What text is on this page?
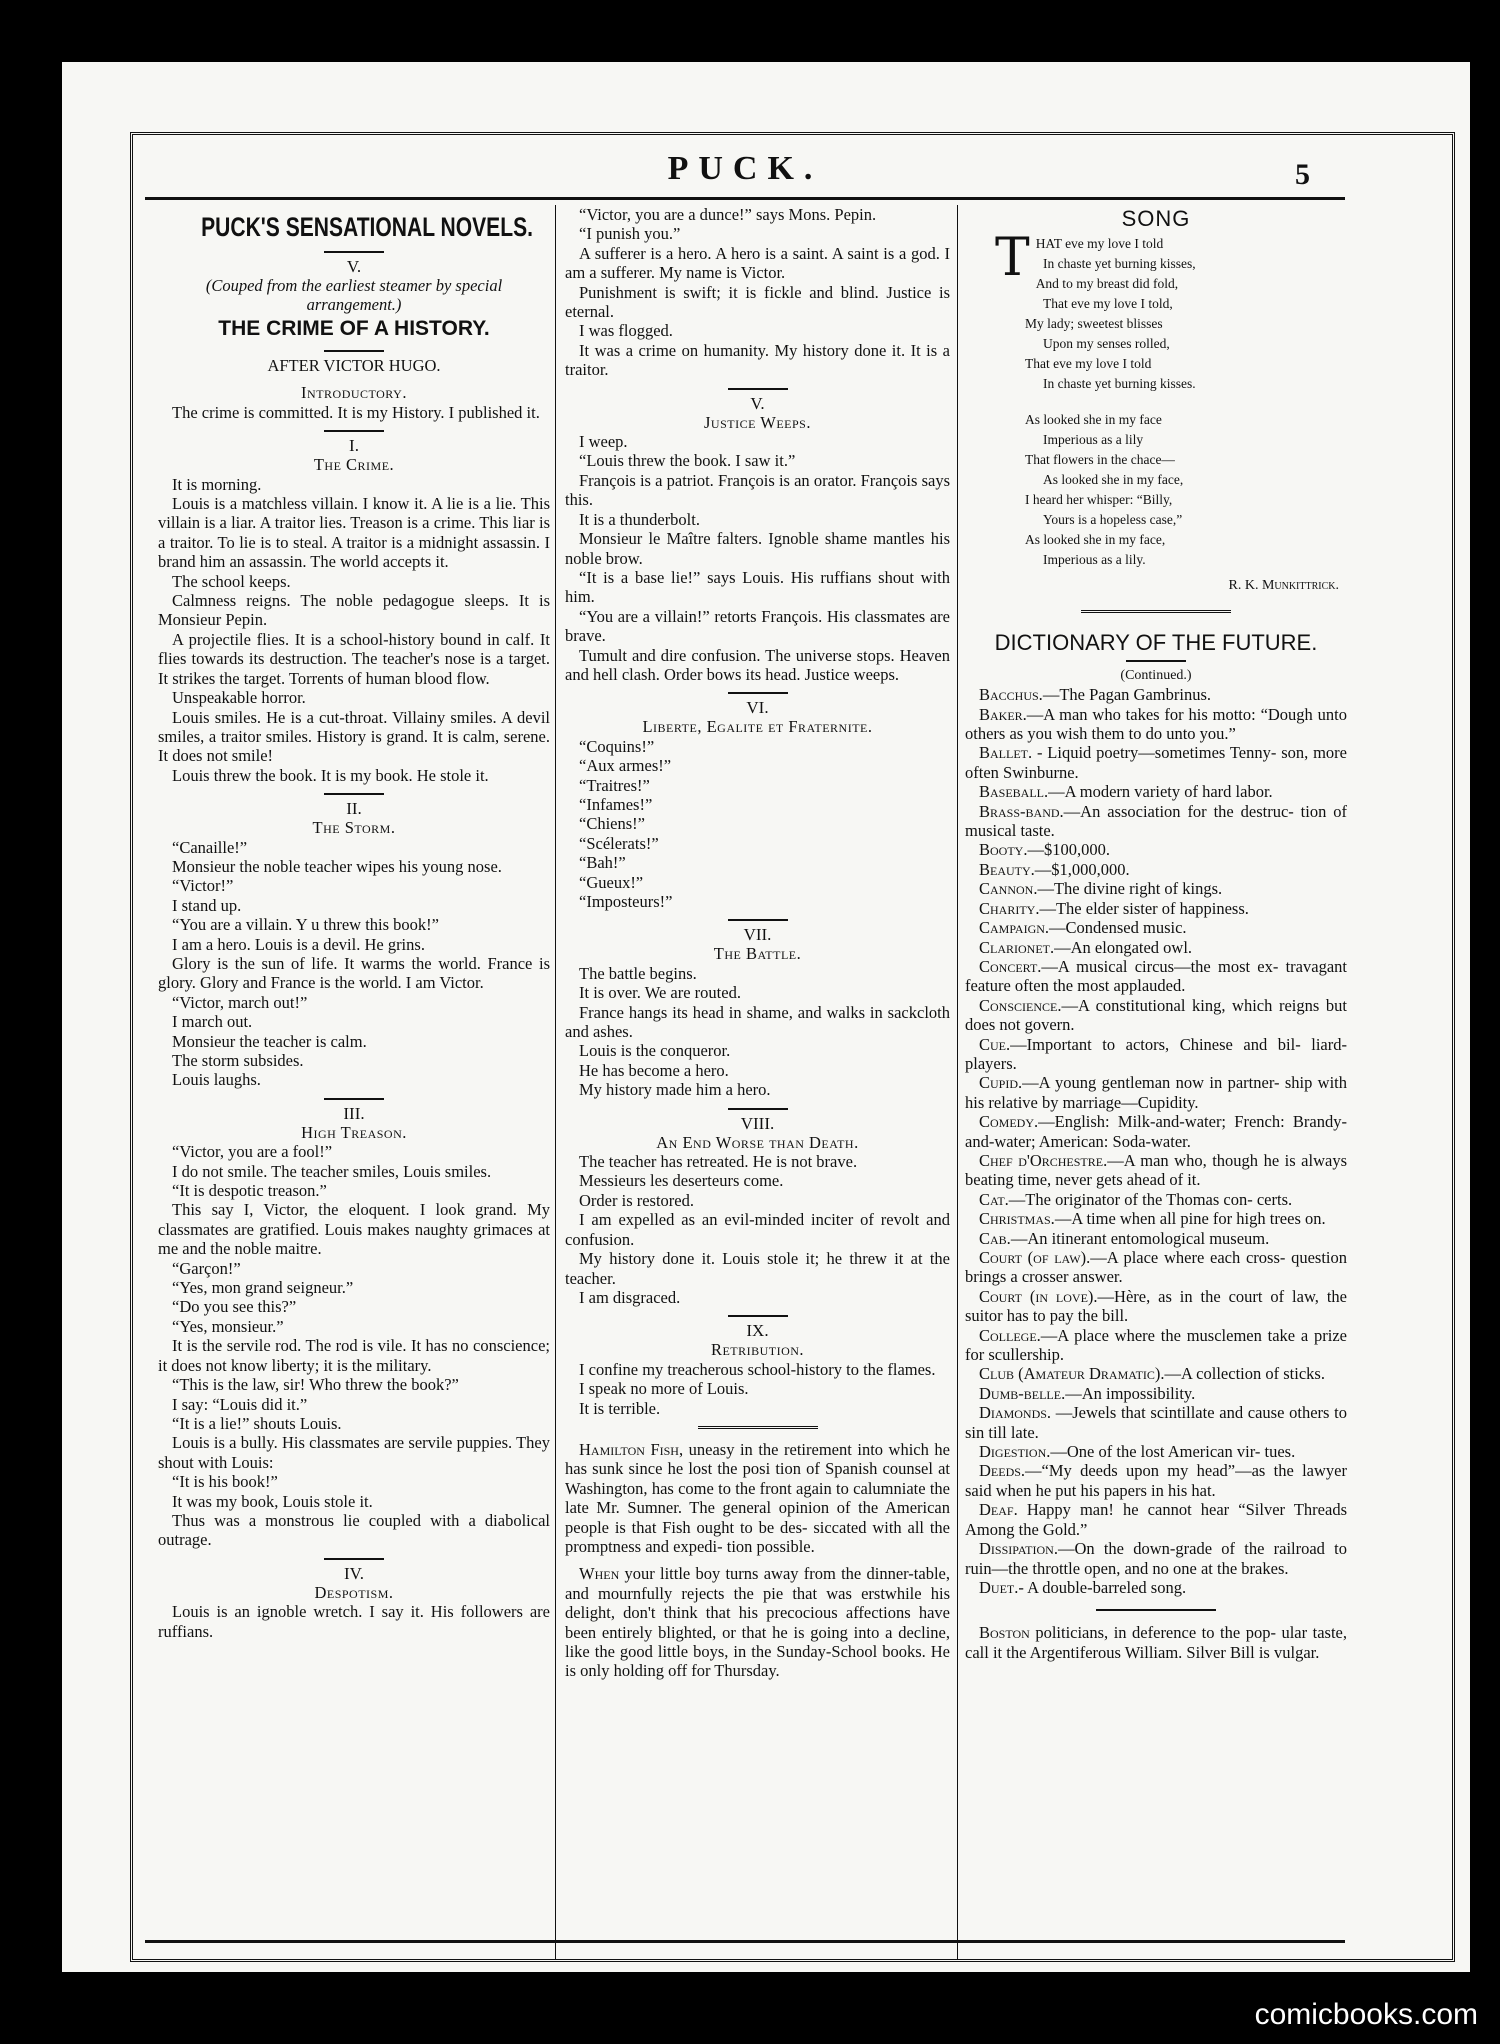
PUCK.	5
PUCK'S SENSATIONAL NOVELS.
V.
(Couped from the earliest steamer by special arrangement.)
THE CRIME OF A HISTORY.
AFTER VICTOR HUGO.
Introductory.

The crime is committed. It is my History. I published it.

I.
The Crime.

It is morning.

Louis is a matchless villain. I know it. A lie is a lie. This villain is a liar. A traitor lies. Treason is a crime. This liar is a traitor. To lie is to steal. A traitor is a midnight assassin. I brand him an assassin. The world accepts it.

The school keeps.

Calmness reigns. The noble pedagogue sleeps. It is Monsieur Pepin.

A projectile flies. It is a school-history bound in calf. It flies towards its destruction. The teacher's nose is a target. It strikes the target. Torrents of human blood flow.

Unspeakable horror.

Louis smiles. He is a cut-throat. Villainy smiles. A devil smiles, a traitor smiles. History is grand. It is calm, serene. It does not smile!

Louis threw the book. It is my book. He stole it.

II.
The Storm.

“Canaille!”

Monsieur the noble teacher wipes his young nose.

“Victor!”

I stand up.

“You are a villain. Y u threw this book!”

I am a hero. Louis is a devil. He grins.

Glory is the sun of life. It warms the world. France is glory. Glory and France is the world. I am Victor.

“Victor, march out!”

I march out.

Monsieur the teacher is calm.

The storm subsides.

Louis laughs.

III.
High Treason.

“Victor, you are a fool!”

I do not smile. The teacher smiles, Louis smiles.

“It is despotic treason.”

This say I, Victor, the eloquent. I look grand. My classmates are gratified. Louis makes naughty grimaces at me and the noble maitre.

“Garçon!”

“Yes, mon grand seigneur.”

“Do you see this?”

“Yes, monsieur.”

It is the servile rod. The rod is vile. It has no conscience; it does not know liberty; it is the military.

“This is the law, sir! Who threw the book?”

I say: “Louis did it.”

“It is a lie!” shouts Louis.

Louis is a bully. His classmates are servile puppies. They shout with Louis:

“It is his book!”

It was my book, Louis stole it.

Thus was a monstrous lie coupled with a diabolical outrage.

IV.
Despotism.

Louis is an ignoble wretch. I say it. His followers are ruffians.

“Victor, you are a dunce!” says Mons. Pepin.

“I punish you.”

A sufferer is a hero. A hero is a saint. A saint is a god. I am a sufferer. My name is Victor.

Punishment is swift; it is fickle and blind. Justice is eternal.

I was flogged.

It was a crime on humanity. My history done it. It is a traitor.

V.
Justice Weeps.

I weep.

“Louis threw the book. I saw it.”

François is a patriot. François is an orator. François says this.

It is a thunderbolt.

Monsieur le Maître falters. Ignoble shame mantles his noble brow.

“It is a base lie!” says Louis. His ruffians shout with him.

“You are a villain!” retorts François. His classmates are brave.

Tumult and dire confusion. The universe stops. Heaven and hell clash. Order bows its head. Justice weeps.

VI.
Liberte, Egalite et Fraternite.

“Coquins!”

“Aux armes!”

“Traitres!”

“Infames!”

“Chiens!”

“Scélerats!”

“Bah!”

“Gueux!”

“Imposteurs!”

VII.
The Battle.

The battle begins.

It is over. We are routed.

France hangs its head in shame, and walks in sackcloth and ashes.

Louis is the conqueror.

He has become a hero.

My history made him a hero.

VIII.
An End Worse than Death.

The teacher has retreated. He is not brave.

Messieurs les deserteurs come.

Order is restored.

I am expelled as an evil-minded inciter of revolt and confusion.

My history done it. Louis stole it; he threw it at the teacher.

I am disgraced.

IX.
Retribution.

I confine my treacherous school-history to the flames.

I speak no more of Louis.

It is terrible.

Hamilton Fish, uneasy in the retirement into which he has sunk since he lost the posi tion of Spanish counsel at Washington, has come to the front again to calumniate the late Mr. Sumner. The general opinion of the American people is that Fish ought to be des- siccated with all the promptness and expedi- tion possible.

When your little boy turns away from the dinner-table, and mournfully rejects the pie that was erstwhile his delight, don't think that his precocious affections have been entirely blighted, or that he is going into a decline, like the good little boys, in the Sunday-School books. He is only holding off for Thursday.

SONG
T HAT eve my love I told
In chaste yet burning kisses,
And to my breast did fold,
That eve my love I told,
My lady; sweetest blisses
Upon my senses rolled,
That eve my love I told
In chaste yet burning kisses.
As looked she in my face
Imperious as a lily
That flowers in the chace—
As looked she in my face,
I heard her whisper: “Billy,
Yours is a hopeless case,”
As looked she in my face,
Imperious as a lily.
R. K. Munkittrick.
DICTIONARY OF THE FUTURE.
(Continued.)

Bacchus.—The Pagan Gambrinus.

Baker.—A man who takes for his motto: “Dough unto others as you wish them to do unto you.”

Ballet. - Liquid poetry—sometimes Tenny- son, more often Swinburne.

Baseball.—A modern variety of hard labor.

Brass-band.—An association for the destruc- tion of musical taste.

Booty.—$100,000.

Beauty.—$1,000,000.

Cannon.—The divine right of kings.

Charity.—The elder sister of happiness.

Campaign.—Condensed music.

Clarionet.—An elongated owl.

Concert.—A musical circus—the most ex- travagant feature often the most applauded.

Conscience.—A constitutional king, which reigns but does not govern.

Cue.—Important to actors, Chinese and bil- liard-players.

Cupid.—A young gentleman now in partner- ship with his relative by marriage—Cupidity.

Comedy.—English: Milk-and-water; French: Brandy-and-water; American: Soda-water.

Chef d'Orchestre.—A man who, though he is always beating time, never gets ahead of it.

Cat.—The originator of the Thomas con- certs.

Christmas.—A time when all pine for high trees on.

Cab.—An itinerant entomological museum.

Court (of law).—A place where each cross- question brings a crosser answer.

Court (in love).—Hère, as in the court of law, the suitor has to pay the bill.

College.—A place where the musclemen take a prize for scullership.

Club (Amateur Dramatic).—A collection of sticks.

Dumb-belle.—An impossibility.

Diamonds. —Jewels that scintillate and cause others to sin till late.

Digestion.—One of the lost American vir- tues.

Deeds.—“My deeds upon my head”—as the lawyer said when he put his papers in his hat.

Deaf. Happy man! he cannot hear “Silver Threads Among the Gold.”

Dissipation.—On the down-grade of the railroad to ruin—the throttle open, and no one at the brakes.

Duet.- A double-barreled song.

Boston politicians, in deference to the pop- ular taste, call it the Argentiferous William. Silver Bill is vulgar.

comicbooks.com
